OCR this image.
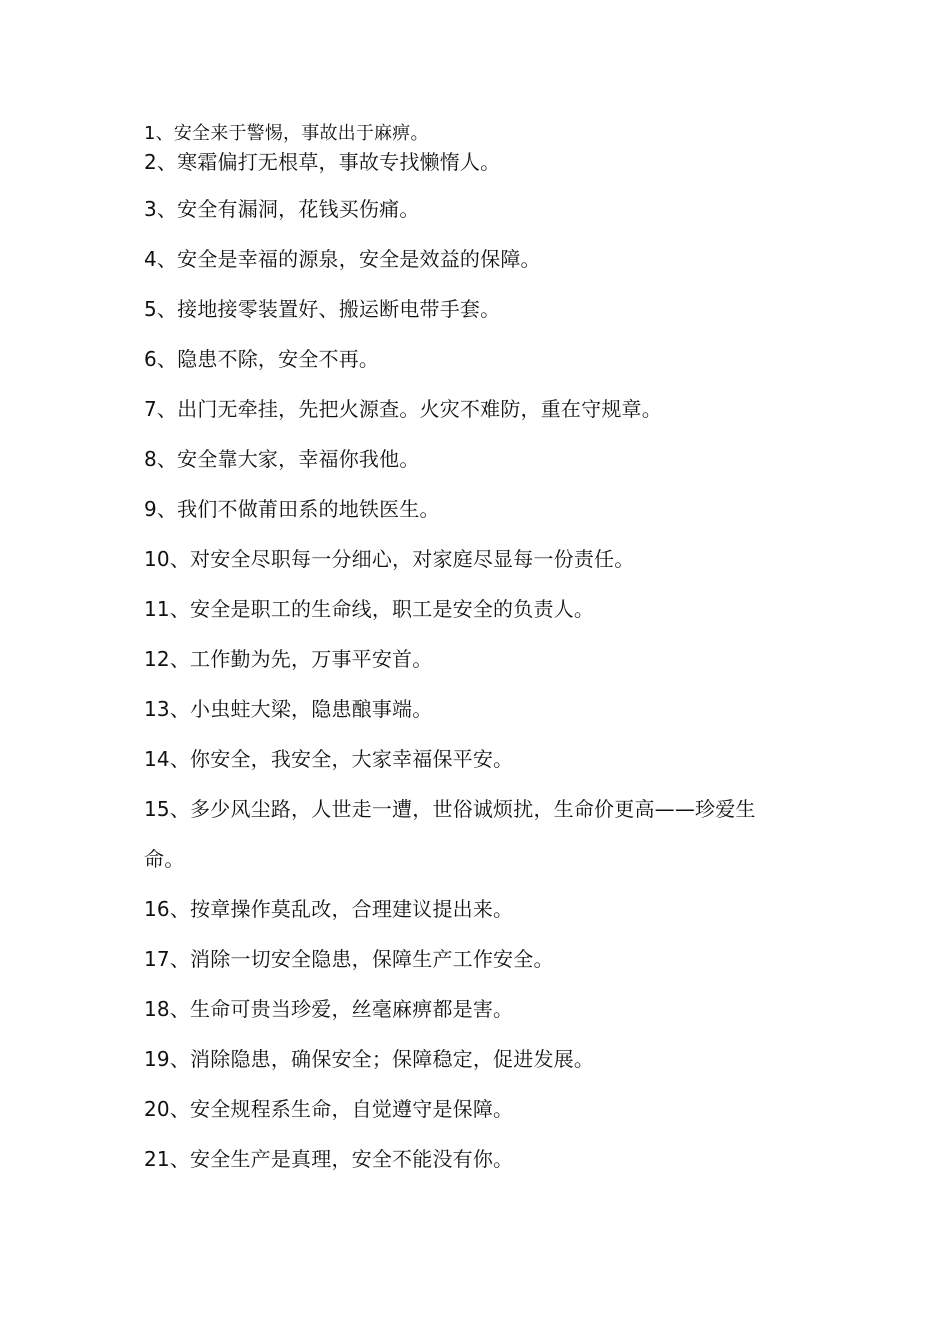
1、安全来于警惕，事故出于麻痹。

2、寒霜偏打无根草，事故专找懒惰人。

3、安全有漏洞，花钱买伤痛。

4、安全是幸福的源泉，安全是效益的保障。

5、接地接零装置好、搬运断电带手套。

6、隐患不除，安全不再。

7、出门无牵挂，先把火源查。火灾不难防，重在守规章。

8、安全靠大家，幸福你我他。

9、我们不做莆田系的地铁医生。

10、对安全尽职每一分细心，对家庭尽显每一份责任。

11、安全是职工的生命线，职工是安全的负责人。

12、工作勤为先，万事平安首。

13、小虫蛀大梁，隐患酿事端。

14、你安全，我安全，大家幸福保平安。

15、多少风尘路，人世走一遭，世俗诚烦扰，生命价更高——珍爱生

命。

16、按章操作莫乱改，合理建议提出来。

17、消除一切安全隐患，保障生产工作安全。

18、生命可贵当珍爱，丝毫麻痹都是害。

19、消除隐患，确保安全；保障稳定，促进发展。

20、安全规程系生命，自觉遵守是保障。

21、安全生产是真理，安全不能没有你。
